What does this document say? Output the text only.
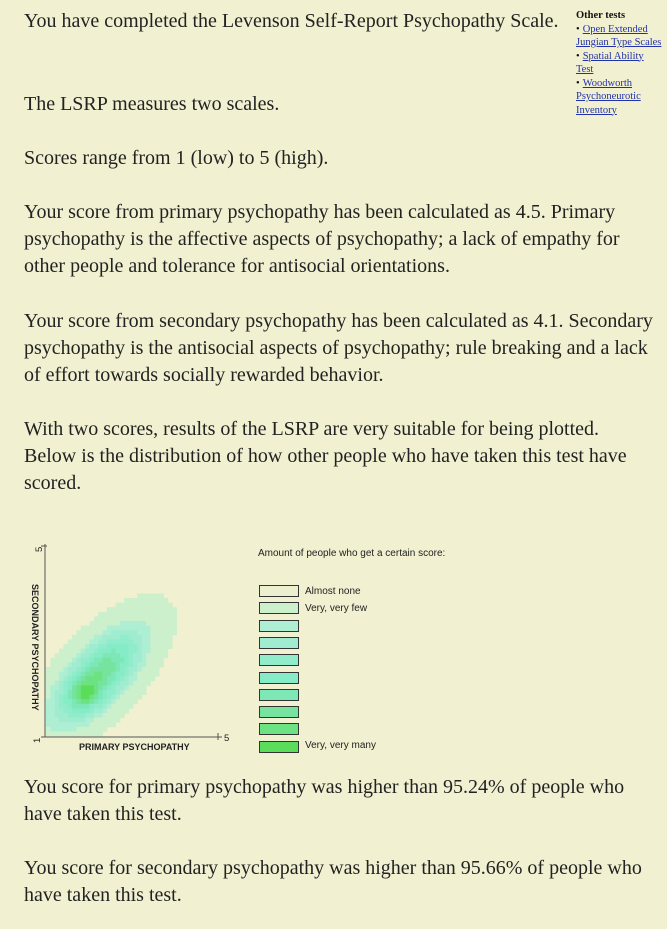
You have completed the Levenson Self-Report Psychopathy Scale.

The LSRP measures two scales.

Scores range from 1 (low) to 5 (high).

Your score from primary psychopathy has been calculated as 4.5. Primary psychopathy is the affective aspects of psychopathy; a lack of empathy for other people and tolerance for antisocial orientations.

Your score from secondary psychopathy has been calculated as 4.1. Secondary psychopathy is the antisocial aspects of psychopathy; rule breaking and a lack of effort towards socially rewarded behavior.

With two scores, results of the LSRP are very suitable for being plotted. Below is the distribution of how other people who have taken this test have scored.

Other tests
• Open Extended Jungian Type Scales
• Spatial Ability Test
• Woodworth Psychoneurotic Inventory
5
1	5
PRIMARY PSYCHOPATHY
SECONDARY PSYCHOPATHY
Amount of people who get a certain score:
Almost none
Very, very few
Very, very many

You score for primary psychopathy was higher than 95.24% of people who have taken this test.

You score for secondary psychopathy was higher than 95.66% of people who have taken this test.
